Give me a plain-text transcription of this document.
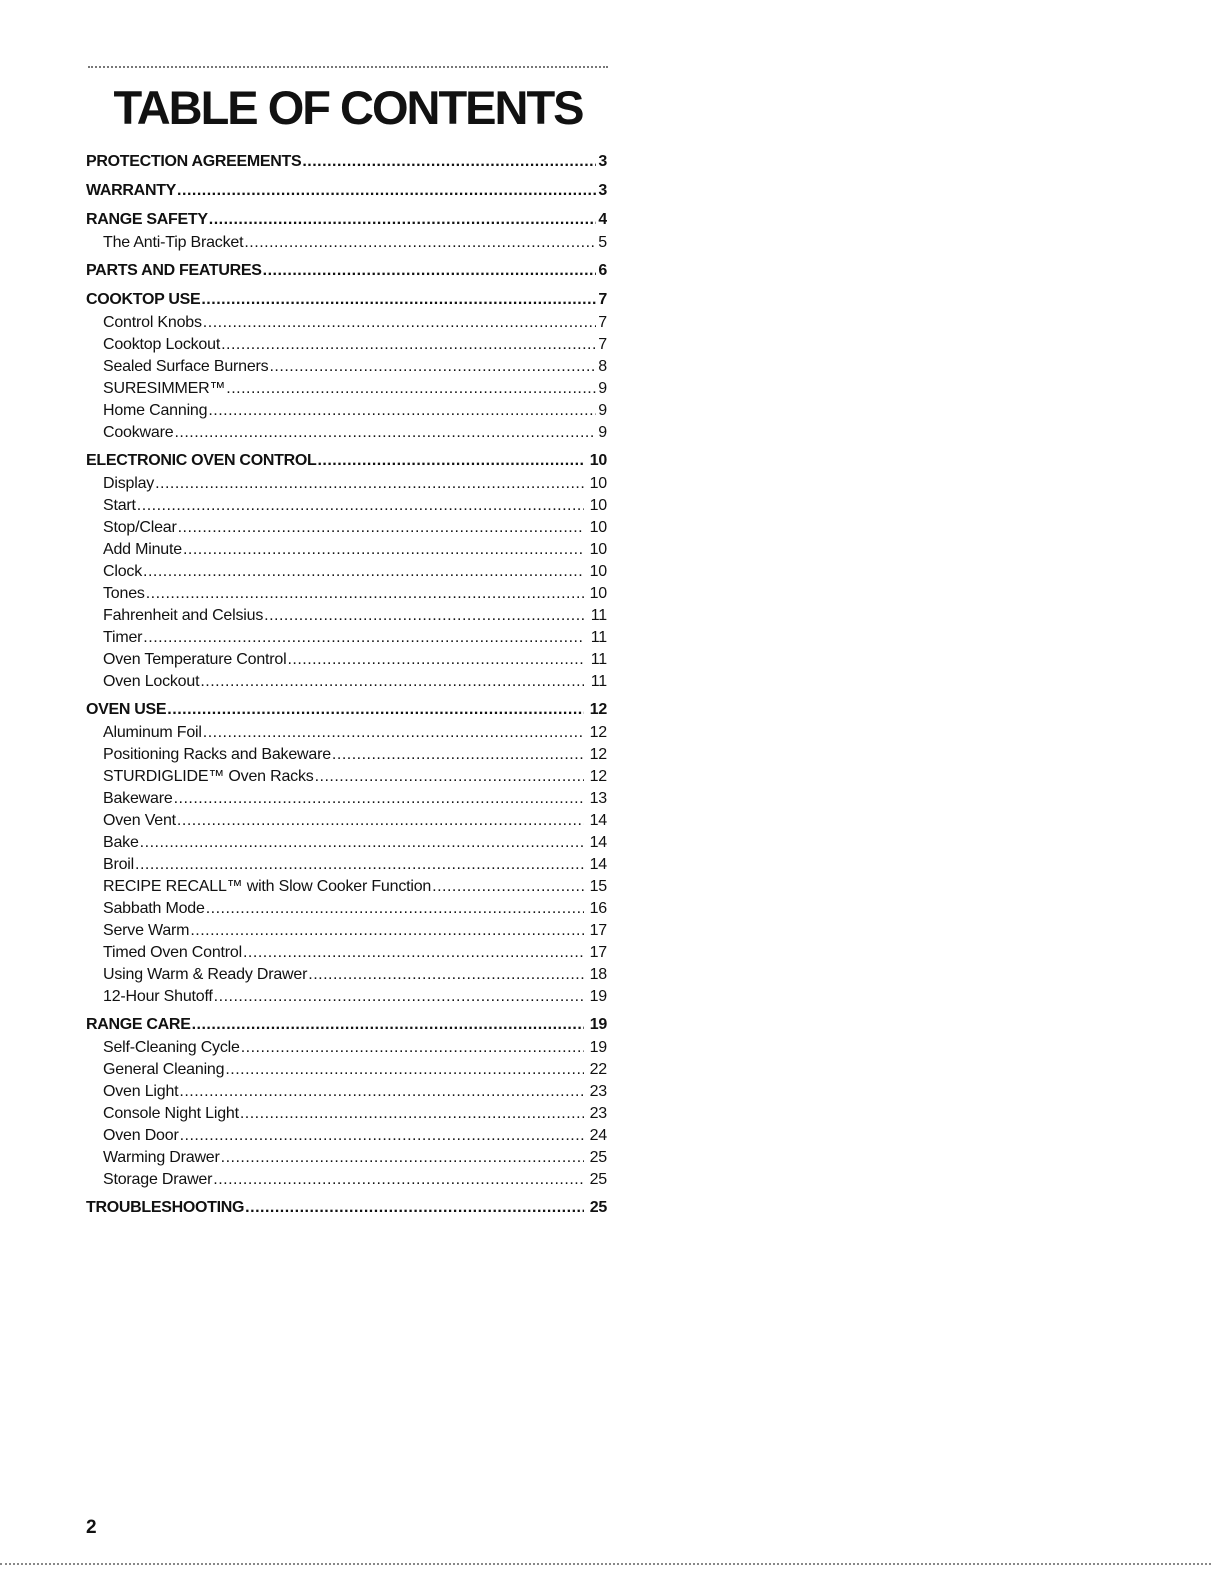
TABLE OF CONTENTS
PROTECTION AGREEMENTS .....	3
WARRANTY .....	3
RANGE SAFETY .....	4
The Anti-Tip Bracket .....	5
PARTS AND FEATURES .....	6
COOKTOP USE .....	7
Control Knobs .....	7
Cooktop Lockout .....	7
Sealed Surface Burners .....	8
SURESIMMER™ .....	9
Home Canning .....	9
Cookware .....	9
ELECTRONIC OVEN CONTROL .....	10
Display .....	10
Start .....	10
Stop/Clear .....	10
Add Minute .....	10
Clock .....	10
Tones .....	10
Fahrenheit and Celsius .....	11
Timer .....	11
Oven Temperature Control .....	11
Oven Lockout .....	11
OVEN USE .....	12
Aluminum Foil .....	12
Positioning Racks and Bakeware .....	12
STURDIGLIDE™ Oven Racks .....	12
Bakeware .....	13
Oven Vent .....	14
Bake .....	14
Broil .....	14
RECIPE RECALL™ with Slow Cooker Function .....	15
Sabbath Mode .....	16
Serve Warm .....	17
Timed Oven Control .....	17
Using Warm & Ready Drawer .....	18
12-Hour Shutoff .....	19
RANGE CARE .....	19
Self-Cleaning Cycle .....	19
General Cleaning .....	22
Oven Light .....	23
Console Night Light .....	23
Oven Door .....	24
Warming Drawer .....	25
Storage Drawer .....	25
TROUBLESHOOTING .....	25
2
